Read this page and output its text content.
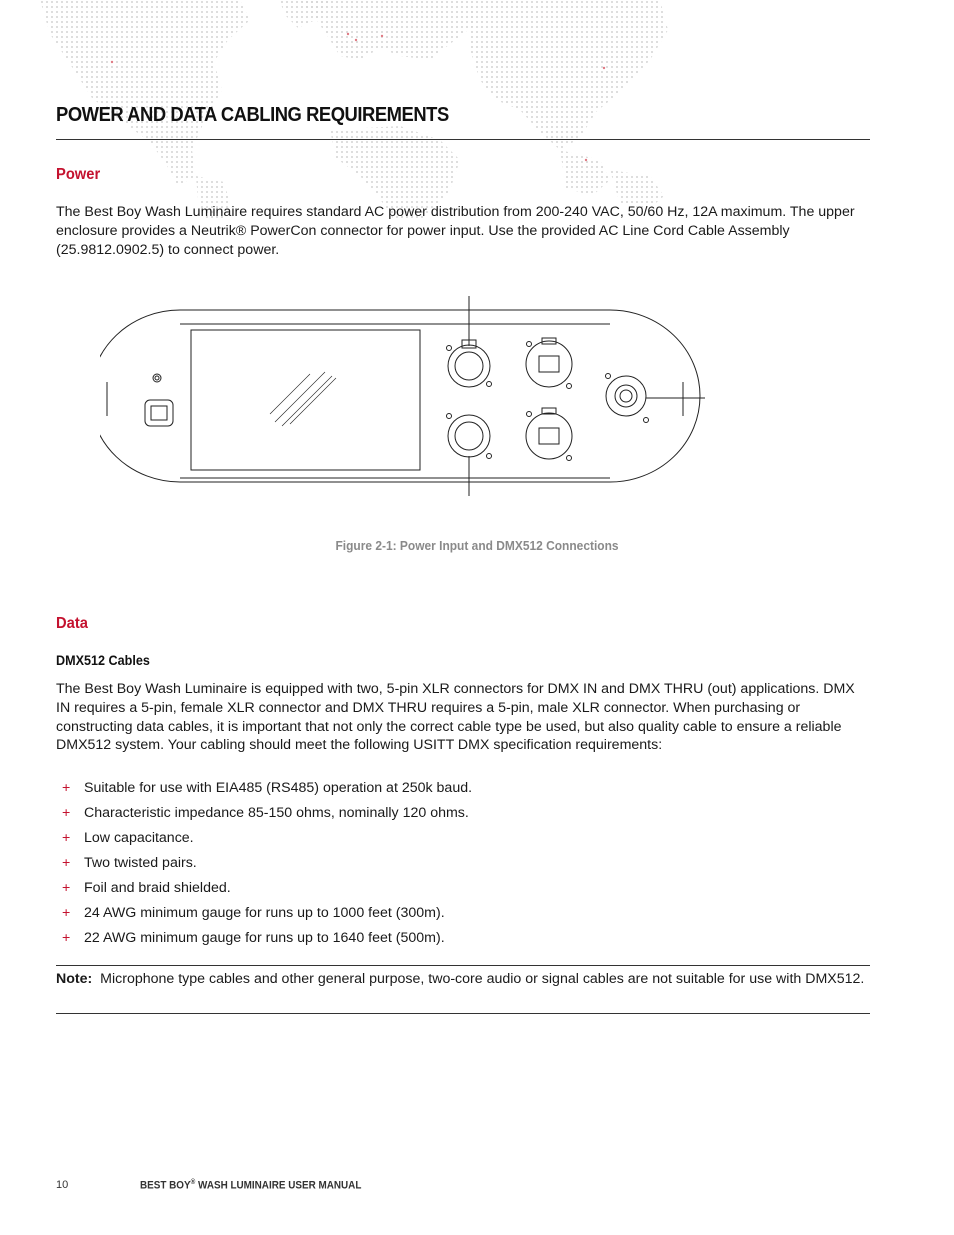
POWER AND DATA CABLING REQUIREMENTS
Power

The Best Boy Wash Luminaire requires standard AC power distribution from 200-240 VAC, 50/60 Hz, 12A maximum. The upper enclosure provides a Neutrik® PowerCon connector for power input. Use the provided AC Line Cord Cable Assembly (25.9812.0902.5) to connect power.

Figure 2-1: Power Input and DMX512 Connections

Data
DMX512 Cables

The Best Boy Wash Luminaire is equipped with two, 5-pin XLR connectors for DMX IN and DMX THRU (out) applications. DMX IN requires a 5-pin, female XLR connector and DMX THRU requires a 5-pin, male XLR connector. When purchasing or constructing data cables, it is important that not only the correct cable type be used, but also quality cable to ensure a reliable DMX512 system. Your cabling should meet the following USITT DMX specification requirements:

+ Suitable for use with EIA485 (RS485) operation at 250k baud.
+ Characteristic impedance 85-150 ohms, nominally 120 ohms.
+ Low capacitance.
+ Two twisted pairs.
+ Foil and braid shielded.
+ 24 AWG minimum gauge for runs up to 1000 feet (300m).
+ 22 AWG minimum gauge for runs up to 1640 feet (500m).

Note: Microphone type cables and other general purpose, two-core audio or signal cables are not suitable for use with DMX512.

10	BEST BOY® WASH LUMINAIRE USER MANUAL
